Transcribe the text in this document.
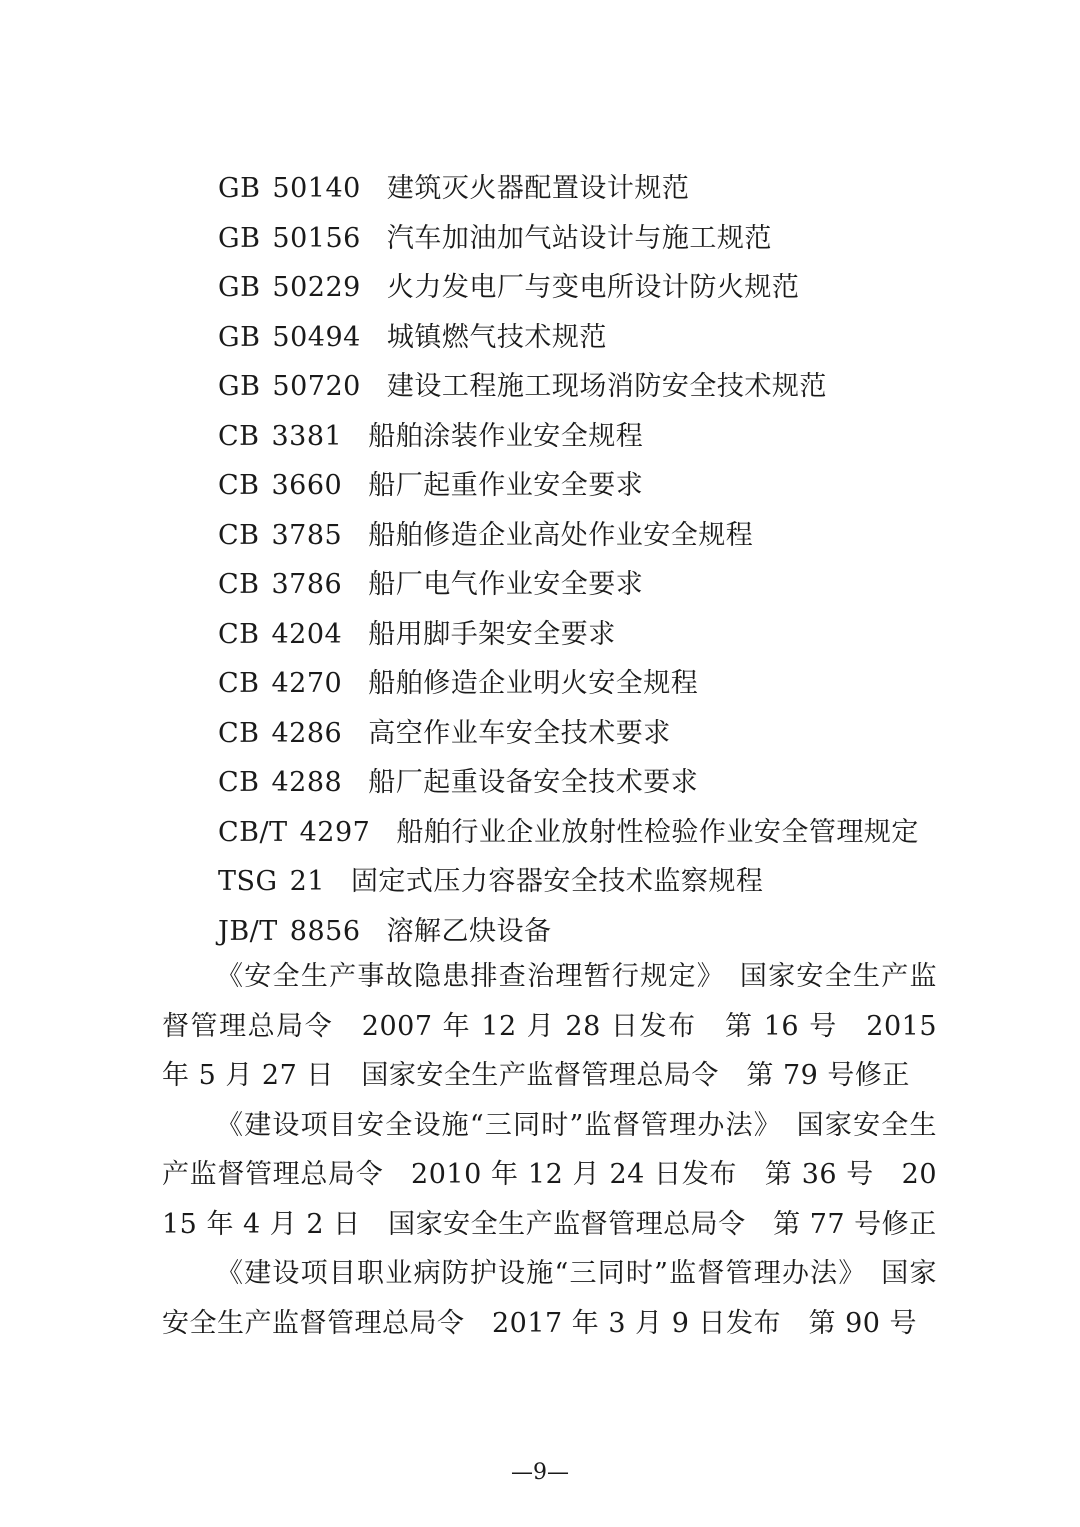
GB 50140 建筑灭火器配置设计规范
GB 50156 汽车加油加气站设计与施工规范
GB 50229 火力发电厂与变电所设计防火规范
GB 50494 城镇燃气技术规范
GB 50720 建设工程施工现场消防安全技术规范
CB 3381 船舶涂装作业安全规程
CB 3660 船厂起重作业安全要求
CB 3785 船舶修造企业高处作业安全规程
CB 3786 船厂电气作业安全要求
CB 4204 船用脚手架安全要求
CB 4270 船舶修造企业明火安全规程
CB 4286 高空作业车安全技术要求
CB 4288 船厂起重设备安全技术要求
CB/T 4297 船舶行业企业放射性检验作业安全管理规定
TSG 21 固定式压力容器安全技术监察规程
JB/T 8856 溶解乙炔设备

《安全生产事故隐患排查治理暂行规定》　国家安全生产监督管理总局令　2007 年 12 月 28 日发布　第 16 号　2015 年 5 月 27 日　国家安全生产监督管理总局令　第 79 号修正

《建设项目安全设施“三同时”监督管理办法》　国家安全生产监督管理总局令　2010 年 12 月 24 日发布　第 36 号　2015 年 4 月 2 日　国家安全生产监督管理总局令　第 77 号修正

《建设项目职业病防护设施“三同时”监督管理办法》　国家安全生产监督管理总局令　2017 年 3 月 9 日发布　第 90 号

—9—
